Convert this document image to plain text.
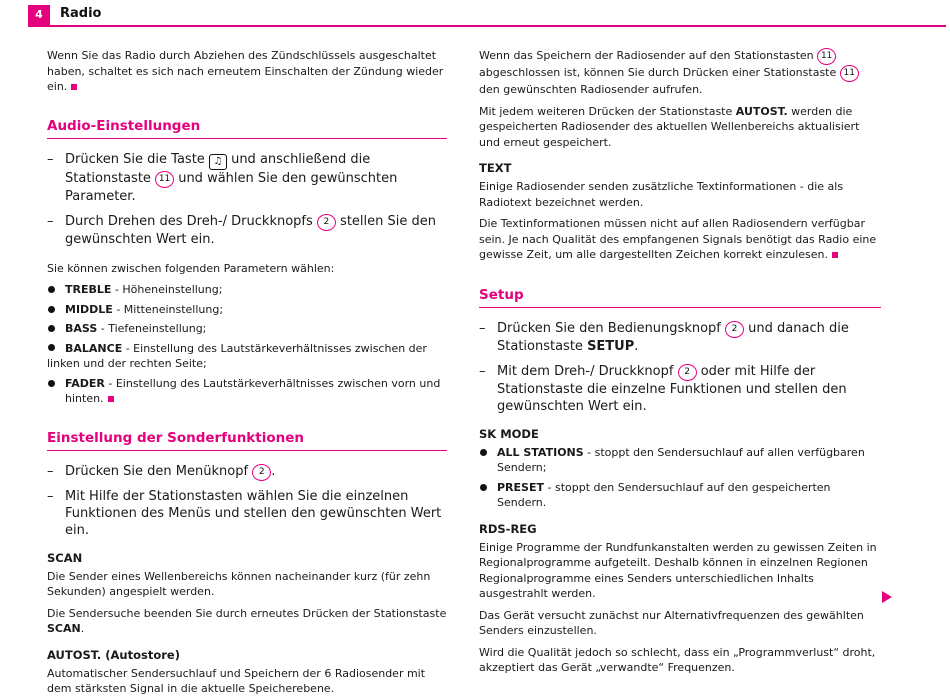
4	Radio

Wenn Sie das Radio durch Abziehen des Zündschlüssels ausgeschaltet haben, schaltet es sich nach erneutem Einschalten der Zündung wieder ein.

Audio-Einstellungen
– Drücken Sie die Taste ♫ und anschließend die Stationstaste 11 und wählen Sie den gewünschten Parameter.
– Durch Drehen des Dreh-/ Druckknopfs 2 stellen Sie den gewünschten Wert ein.

Sie können zwischen folgenden Parametern wählen:

TREBLE - Höheneinstellung;
MIDDLE - Mitteneinstellung;
BASS - Tiefeneinstellung;
BALANCE - Einstellung des Lautstärkeverhältnisses zwischen der linken und der rechten Seite;
FADER - Einstellung des Lautstärkeverhältnisses zwischen vorn und hinten.
Einstellung der Sonderfunktionen
– Drücken Sie den Menüknopf 2 .
– Mit Hilfe der Stationstasten wählen Sie die einzelnen Funktionen des Menüs und stellen den gewünschten Wert ein.
SCAN

Die Sender eines Wellenbereichs können nacheinander kurz (für zehn Sekunden) angespielt werden.

Die Sendersuche beenden Sie durch erneutes Drücken der Stationstaste SCAN.

AUTOST. (Autostore)

Automatischer Sendersuchlauf und Speichern der 6 Radiosender mit dem stärksten Signal in die aktuelle Speicherebene.

Wenn das Speichern der Radiosender auf den Stationstasten 11 abgeschlossen ist, können Sie durch Drücken einer Stationstaste 11 den gewünschten Radiosender aufrufen.

Mit jedem weiteren Drücken der Stationstaste AUTOST. werden die gespeicherten Radiosender des aktuellen Wellenbereichs aktualisiert und erneut gespeichert.

TEXT

Einige Radiosender senden zusätzliche Textinformationen - die als Radiotext bezeichnet werden.

Die Textinformationen müssen nicht auf allen Radiosendern verfügbar sein. Je nach Qualität des empfangenen Signals benötigt das Radio eine gewisse Zeit, um alle dargestellten Zeichen korrekt einzulesen.

Setup
– Drücken Sie den Bedienungsknopf 2 und danach die Stationstaste SETUP.
– Mit dem Dreh-/ Druckknopf 2 oder mit Hilfe der Stationstaste die einzelne Funktionen und stellen den gewünschten Wert ein.
SK MODE
ALL STATIONS - stoppt den Sendersuchlauf auf allen verfügbaren Sendern;
PRESET - stoppt den Sendersuchlauf auf den gespeicherten Sendern.
RDS-REG

Einige Programme der Rundfunkanstalten werden zu gewissen Zeiten in Regionalprogramme aufgeteilt. Deshalb können in einzelnen Regionen Regionalprogramme eines Senders unterschiedlichen Inhalts ausgestrahlt werden.

Das Gerät versucht zunächst nur Alternativfrequenzen des gewählten Senders einzustellen.

Wird die Qualität jedoch so schlecht, dass ein „Programmverlust“ droht, akzeptiert das Gerät „verwandte“ Frequenzen.
